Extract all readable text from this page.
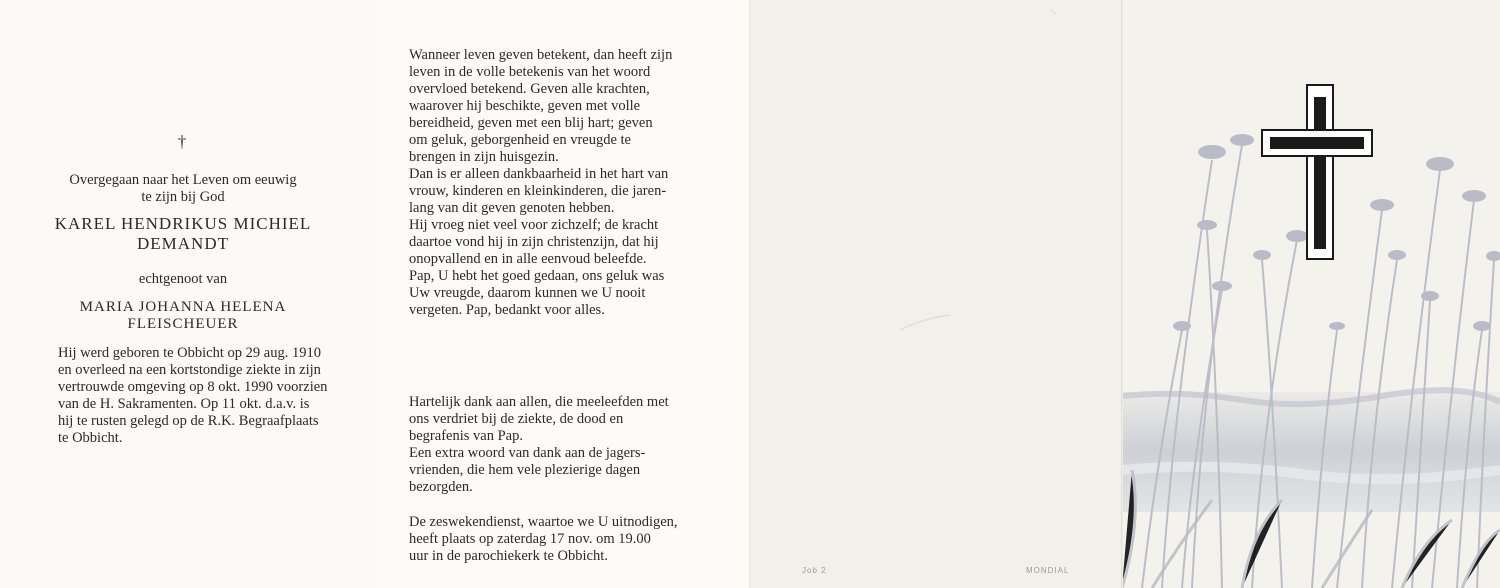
†
Overgegaan naar het Leven om eeuwig
te zijn bij God
KAREL HENDRIKUS MICHIEL
DEMANDT
echtgenoot van
MARIA JOHANNA HELENA
FLEISCHEUER
Hij werd geboren te Obbicht op 29 aug. 1910
en overleed na een kortstondige ziekte in zijn
vertrouwde omgeving op 8 okt. 1990 voorzien
van de H. Sakramenten. Op 11 okt. d.a.v. is
hij te rusten gelegd op de R.K. Begraafplaats
te Obbicht.
Wanneer leven geven betekent, dan heeft zijn
leven in de volle betekenis van het woord
overvloed betekend. Geven alle krachten,
waarover hij beschikte, geven met volle
bereidheid, geven met een blij hart; geven
om geluk, geborgenheid en vreugde te
brengen in zijn huisgezin.
Dan is er alleen dankbaarheid in het hart van
vrouw, kinderen en kleinkinderen, die jaren-
lang van dit geven genoten hebben.
Hij vroeg niet veel voor zichzelf; de kracht
daartoe vond hij in zijn christenzijn, dat hij
onopvallend en in alle eenvoud beleefde.
Pap, U hebt het goed gedaan, ons geluk was
Uw vreugde, daarom kunnen we U nooit
vergeten. Pap, bedankt voor alles.
Hartelijk dank aan allen, die meeleefden met
ons verdriet bij de ziekte, de dood en
begrafenis van Pap.
Een extra woord van dank aan de jagers-
vrienden, die hem vele plezierige dagen
bezorgden.
De zeswekendienst, waartoe we U uitnodigen,
heeft plaats op zaterdag 17 nov. om 19.00
uur in de parochiekerk te Obbicht.
Job 2	MONDIAL
